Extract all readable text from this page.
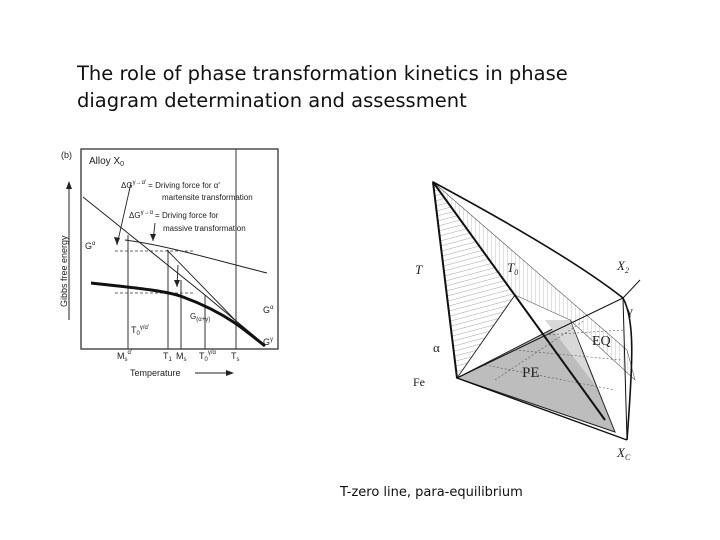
The role of phase transformation kinetics in phase
diagram determination and assessment
(b)
Alloy $X_0$
$\Delta G^{\gamma\to\alpha'}$ = Driving force for α′
martensite transformation
$\Delta G^{\gamma\to\alpha}$ = Driving force for
massive transformation
$G^\alpha$
$G^\alpha$
$G_{(\alpha+\gamma)}$
$G^\gamma$
$T_0^{\gamma/\alpha'}$
Gibbs free energy
Temperature
$M_s^{\alpha'}$	$T_1$ $M_s$ $T_0^{\gamma/\alpha}$ $T_s$
T	$T_0$	$X_2$
γ
EQ
α
PE
Fe
$X_C$
T-zero line, para-equilibrium
